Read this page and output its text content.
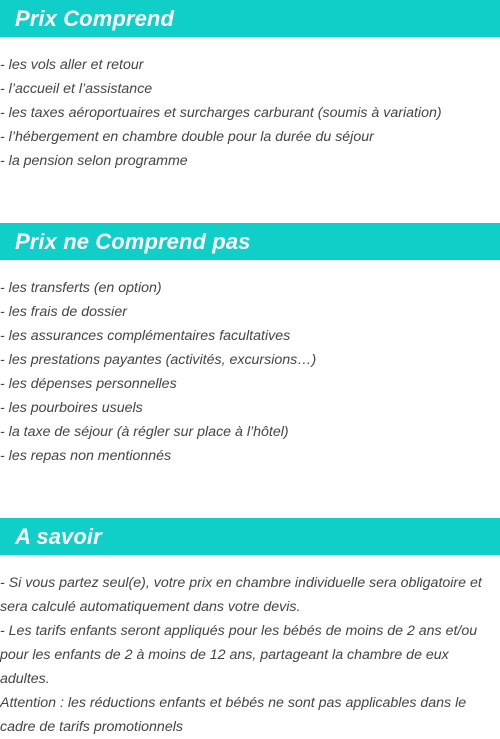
Prix Comprend
- les vols aller et retour
- l’accueil et l’assistance
- les taxes aéroportuaires et surcharges carburant (soumis à variation)
- l’hébergement en chambre double pour la durée du séjour
- la pension selon programme
Prix ne Comprend pas
- les transferts (en option)
- les frais de dossier
- les assurances complémentaires facultatives
- les prestations payantes (activités, excursions…)
- les dépenses personnelles
- les pourboires usuels
- la taxe de séjour (à régler sur place à l’hôtel)
- les repas non mentionnés
A savoir
- Si vous partez seul(e), votre prix en chambre individuelle sera obligatoire et sera calculé automatiquement dans votre devis.
- Les tarifs enfants seront appliqués pour les bébés de moins de 2 ans et/ou pour les enfants de 2 à moins de 12 ans, partageant la chambre de eux adultes.
Attention : les réductions enfants et bébés ne sont pas applicables dans le cadre de tarifs promotionnels
